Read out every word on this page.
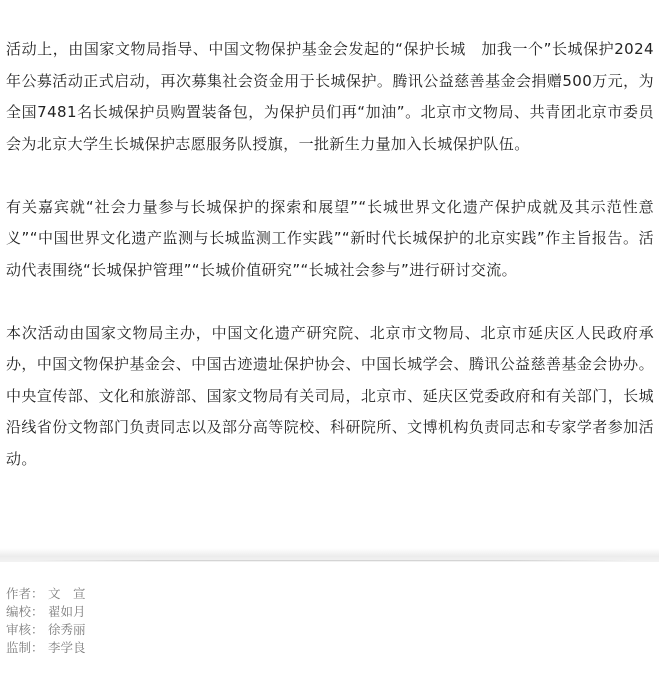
活动上，由国家文物局指导、中国文物保护基金会发起的“保护长城　加我一个”长城保护2024年公募活动正式启动，再次募集社会资金用于长城保护。腾讯公益慈善基金会捐赠500万元，为全国7481名长城保护员购置装备包，为保护员们再“加油”。北京市文物局、共青团北京市委员会为北京大学生长城保护志愿服务队授旗，一批新生力量加入长城保护队伍。

有关嘉宾就“社会力量参与长城保护的探索和展望”“长城世界文化遗产保护成就及其示范性意义”“中国世界文化遗产监测与长城监测工作实践”“新时代长城保护的北京实践”作主旨报告。活动代表围绕“长城保护管理”“长城价值研究”“长城社会参与”进行研讨交流。

本次活动由国家文物局主办，中国文化遗产研究院、北京市文物局、北京市延庆区人民政府承办，中国文物保护基金会、中国古迹遗址保护协会、中国长城学会、腾讯公益慈善基金会协办。中央宣传部、文化和旅游部、国家文物局有关司局，北京市、延庆区党委政府和有关部门，长城沿线省份文物部门负责同志以及部分高等院校、科研院所、文博机构负责同志和专家学者参加活动。

作者： 文　宣
编校： 翟如月
审核： 徐秀丽
监制： 李学良
